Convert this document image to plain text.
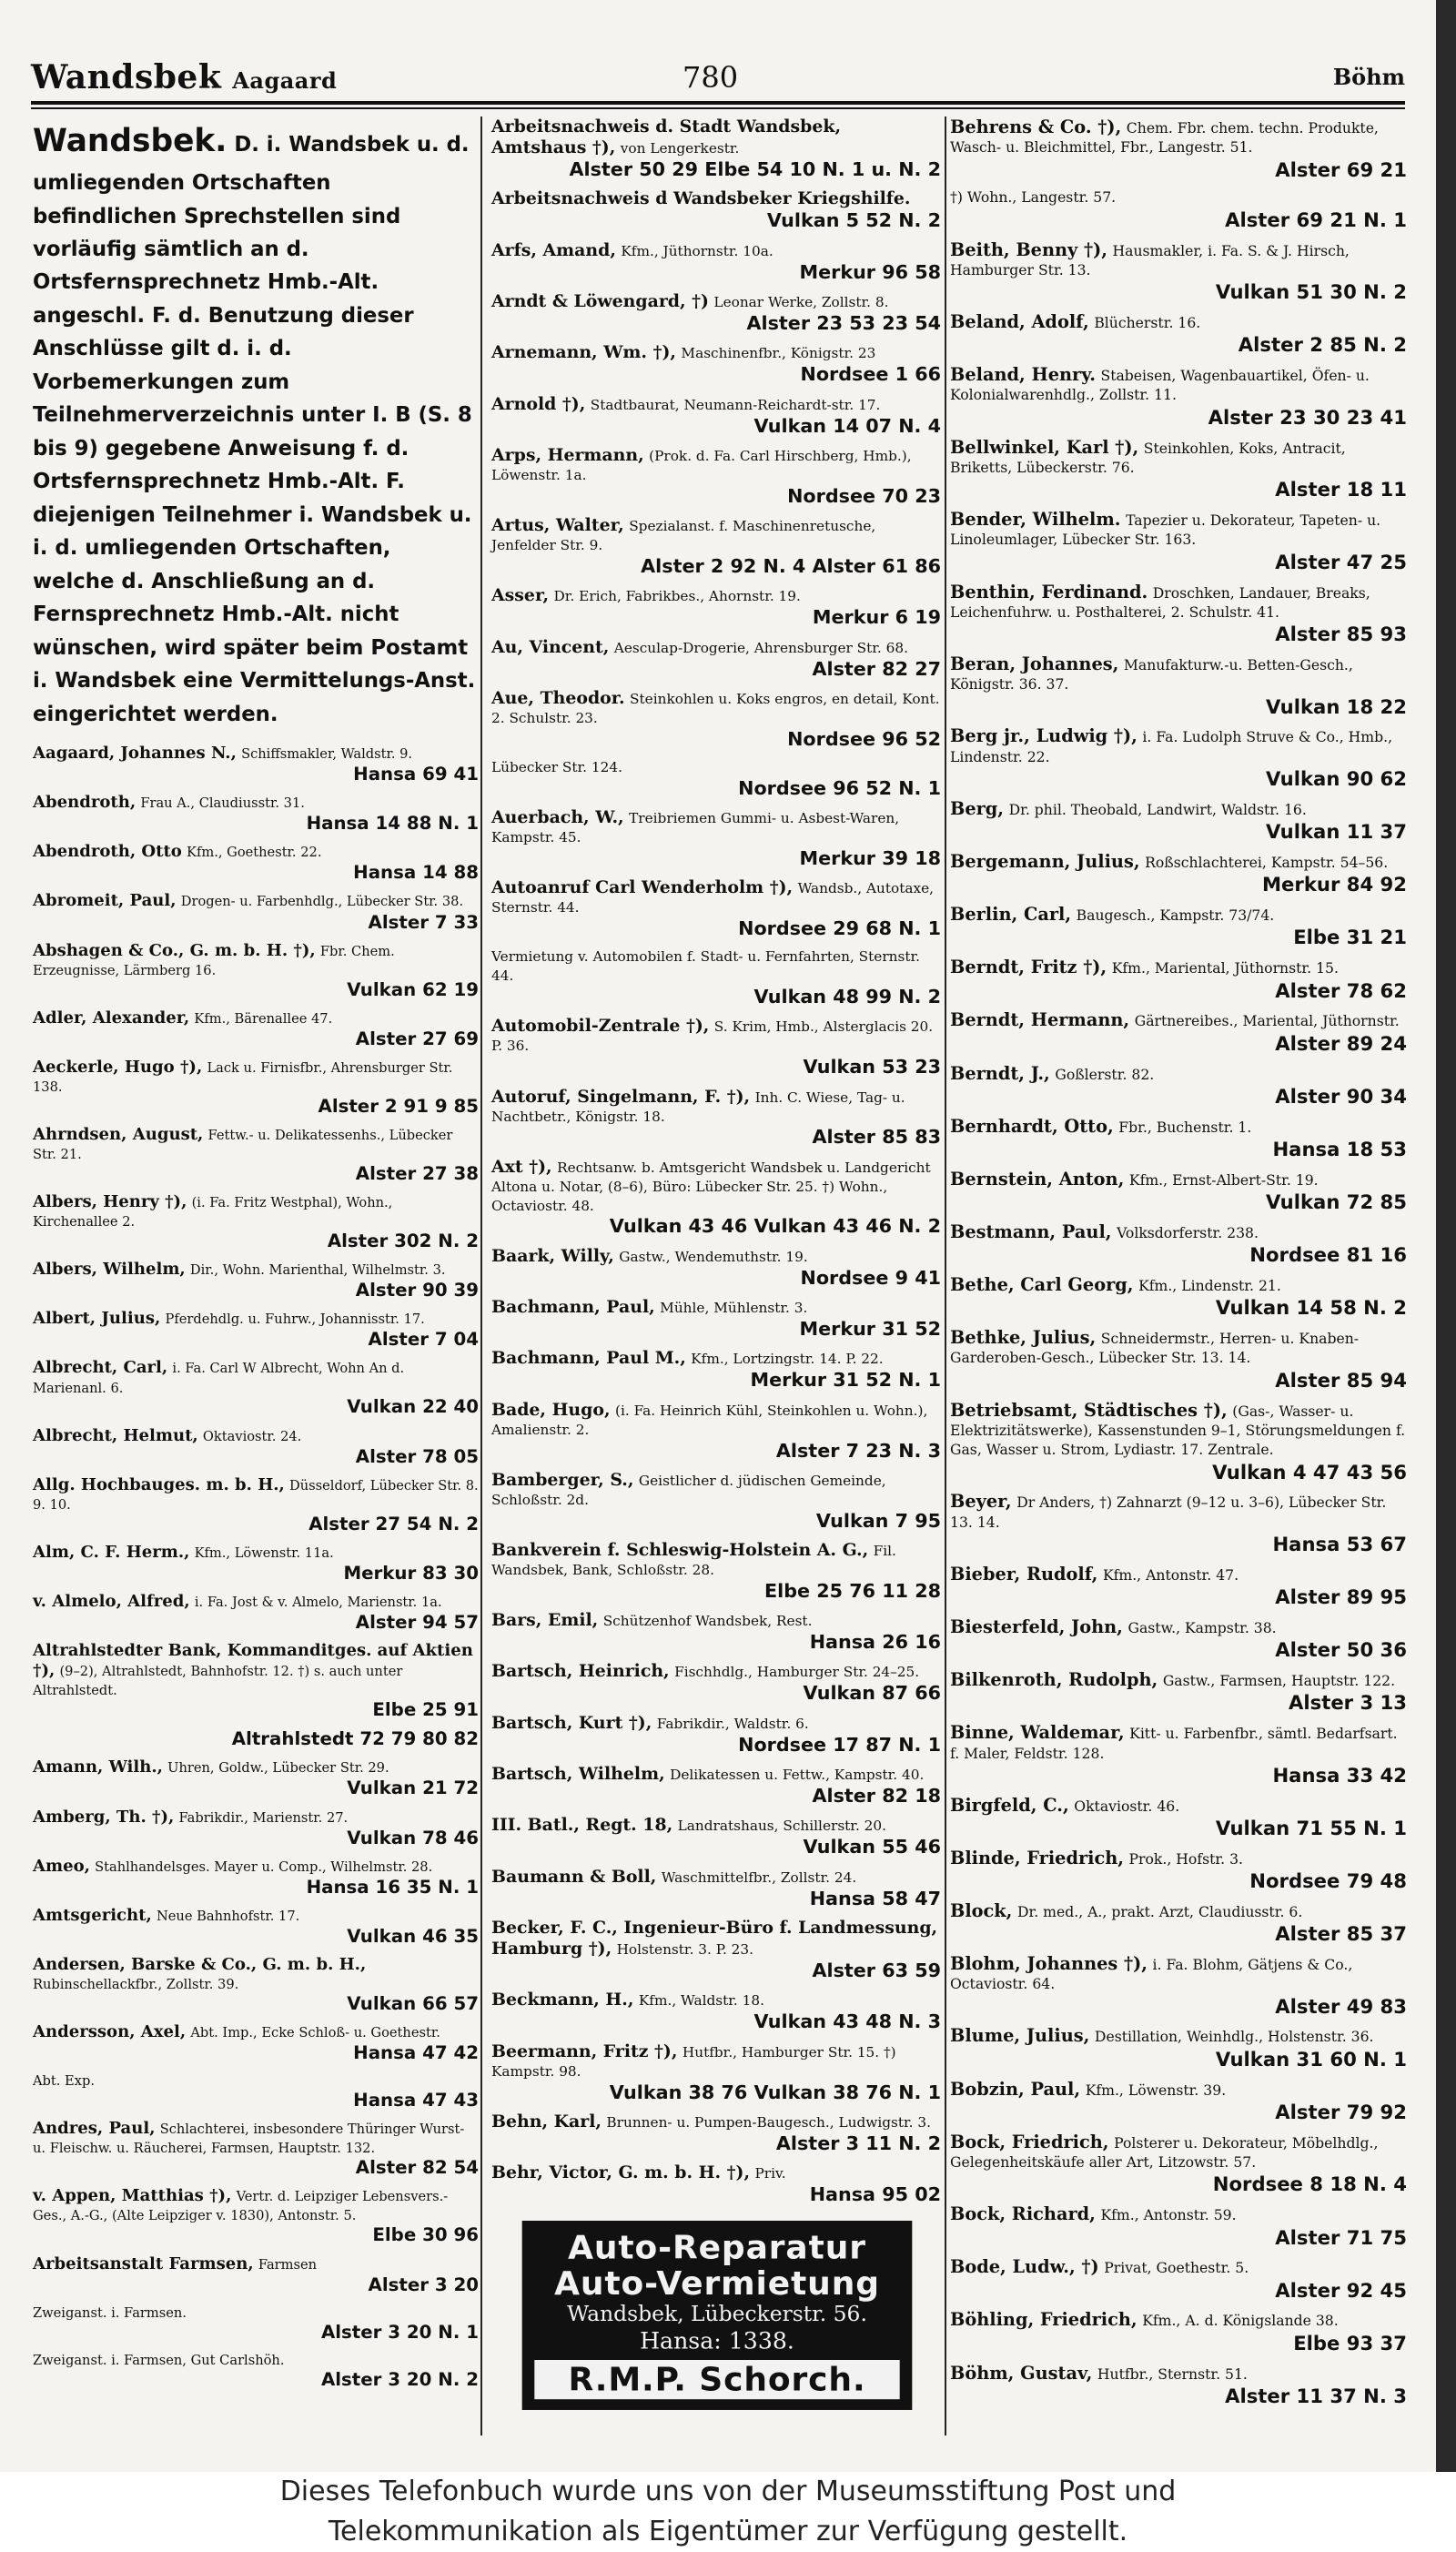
Wandsbek Aagaard	780	Böhm
Wandsbek. D. i. Wandsbek u. d. umliegenden Ortschaften befindlichen Sprechstellen sind vorläufig sämtlich an d. Ortsfernsprechnetz Hmb.-Alt. angeschl. F. d. Benutzung dieser Anschlüsse gilt d. i. d. Vorbemerkungen zum Teilnehmerverzeichnis unter I. B (S. 8 bis 9) gegebene Anweisung f. d. Ortsfernsprechnetz Hmb.-Alt. F. diejenigen Teilnehmer i. Wandsbek u. i. d. umliegenden Ortschaften, welche d. Anschließung an d. Fernsprechnetz Hmb.-Alt. nicht wünschen, wird später beim Postamt i. Wandsbek eine Vermittelungs-Anst. eingerichtet werden.
Aagaard, Johannes N., Schiffsmakler, Waldstr. 9.
Hansa 69 41
Abendroth, Frau A., Claudiusstr. 31.
Hansa 14 88 N. 1
Abendroth, Otto Kfm., Goethestr. 22.
Hansa 14 88
Abromeit, Paul, Drogen- u. Farbenhdlg., Lübecker Str. 38.
Alster 7 33
Abshagen & Co., G. m. b. H. †), Fbr. Chem. Erzeugnisse, Lärmberg 16.
Vulkan 62 19
Adler, Alexander, Kfm., Bärenallee 47.
Alster 27 69
Aeckerle, Hugo †), Lack u. Firnisfbr., Ahrensburger Str. 138.
Alster 2 91 9 85
Ahrndsen, August, Fettw.- u. Delikatessenhs., Lübecker Str. 21.
Alster 27 38
Albers, Henry †), (i. Fa. Fritz Westphal), Wohn., Kirchenallee 2.
Alster 302 N. 2
Albers, Wilhelm, Dir., Wohn. Marienthal, Wilhelmstr. 3.
Alster 90 39
Albert, Julius, Pferdehdlg. u. Fuhrw., Johannisstr. 17.
Alster 7 04
Albrecht, Carl, i. Fa. Carl W Albrecht, Wohn An d. Marienanl. 6.
Vulkan 22 40
Albrecht, Helmut, Oktaviostr. 24.
Alster 78 05
Allg. Hochbauges. m. b. H., Düsseldorf, Lübecker Str. 8. 9. 10.
Alster 27 54 N. 2
Alm, C. F. Herm., Kfm., Löwenstr. 11a.
Merkur 83 30
v. Almelo, Alfred, i. Fa. Jost & v. Almelo, Marienstr. 1a.
Alster 94 57
Altrahlstedter Bank, Kommanditges. auf Aktien †), (9–2), Altrahlstedt, Bahnhofstr. 12. †) s. auch unter Altrahlstedt.
Elbe 25 91
Altrahlstedt 72 79 80 82
Amann, Wilh., Uhren, Goldw., Lübecker Str. 29.
Vulkan 21 72
Amberg, Th. †), Fabrikdir., Marienstr. 27.
Vulkan 78 46
Ameo, Stahlhandelsges. Mayer u. Comp., Wilhelmstr. 28.
Hansa 16 35 N. 1
Amtsgericht, Neue Bahnhofstr. 17.
Vulkan 46 35
Andersen, Barske & Co., G. m. b. H., Rubinschellackfbr., Zollstr. 39.
Vulkan 66 57
Andersson, Axel, Abt. Imp., Ecke Schloß- u. Goethestr.
Hansa 47 42
Abt. Exp.
Hansa 47 43
Andres, Paul, Schlachterei, insbesondere Thüringer Wurst- u. Fleischw. u. Räucherei, Farmsen, Hauptstr. 132.
Alster 82 54
v. Appen, Matthias †), Vertr. d. Leipziger Lebensvers.-Ges., A.-G., (Alte Leipziger v. 1830), Antonstr. 5.
Elbe 30 96
Arbeitsanstalt Farmsen, Farmsen
Alster 3 20
Zweiganst. i. Farmsen.
Alster 3 20 N. 1
Zweiganst. i. Farmsen, Gut Carlshöh.
Alster 3 20 N. 2
Arbeitsnachweis d. Stadt Wandsbek, Amtshaus †), von Lengerkestr.
Alster 50 29 Elbe 54 10 N. 1 u. N. 2
Arbeitsnachweis d Wandsbeker Kriegshilfe.
Vulkan 5 52 N. 2
Arfs, Amand, Kfm., Jüthornstr. 10a.
Merkur 96 58
Arndt & Löwengard, †) Leonar Werke, Zollstr. 8.
Alster 23 53 23 54
Arnemann, Wm. †), Maschinenfbr., Königstr. 23
Nordsee 1 66
Arnold †), Stadtbaurat, Neumann-Reichardt-str. 17.
Vulkan 14 07 N. 4
Arps, Hermann, (Prok. d. Fa. Carl Hirschberg, Hmb.), Löwenstr. 1a.
Nordsee 70 23
Artus, Walter, Spezialanst. f. Maschinenretusche, Jenfelder Str. 9.
Alster 2 92 N. 4 Alster 61 86
Asser, Dr. Erich, Fabrikbes., Ahornstr. 19.
Merkur 6 19
Au, Vincent, Aesculap-Drogerie, Ahrensburger Str. 68.
Alster 82 27
Aue, Theodor. Steinkohlen u. Koks engros, en detail, Kont. 2. Schulstr. 23.
Nordsee 96 52
Lübecker Str. 124.
Nordsee 96 52 N. 1
Auerbach, W., Treibriemen Gummi- u. Asbest-Waren, Kampstr. 45.
Merkur 39 18
Autoanruf Carl Wenderholm †), Wandsb., Autotaxe, Sternstr. 44.
Nordsee 29 68 N. 1
Vermietung v. Automobilen f. Stadt- u. Fernfahrten, Sternstr. 44.
Vulkan 48 99 N. 2
Automobil-Zentrale †), S. Krim, Hmb., Alsterglacis 20. P. 36.
Vulkan 53 23
Autoruf, Singelmann, F. †), Inh. C. Wiese, Tag- u. Nachtbetr., Königstr. 18.
Alster 85 83
Axt †), Rechtsanw. b. Amtsgericht Wandsbek u. Landgericht Altona u. Notar, (8–6), Büro: Lübecker Str. 25. †) Wohn., Octaviostr. 48.
Vulkan 43 46 Vulkan 43 46 N. 2
Baark, Willy, Gastw., Wendemuthstr. 19.
Nordsee 9 41
Bachmann, Paul, Mühle, Mühlenstr. 3.
Merkur 31 52
Bachmann, Paul M., Kfm., Lortzingstr. 14. P. 22.
Merkur 31 52 N. 1
Bade, Hugo, (i. Fa. Heinrich Kühl, Steinkohlen u. Wohn.), Amalienstr. 2.
Alster 7 23 N. 3
Bamberger, S., Geistlicher d. jüdischen Gemeinde, Schloßstr. 2d.
Vulkan 7 95
Bankverein f. Schleswig-Holstein A. G., Fil. Wandsbek, Bank, Schloßstr. 28.
Elbe 25 76 11 28
Bars, Emil, Schützenhof Wandsbek, Rest.
Hansa 26 16
Bartsch, Heinrich, Fischhdlg., Hamburger Str. 24–25.
Vulkan 87 66
Bartsch, Kurt †), Fabrikdir., Waldstr. 6.
Nordsee 17 87 N. 1
Bartsch, Wilhelm, Delikatessen u. Fettw., Kampstr. 40.
Alster 82 18
III. Batl., Regt. 18, Landratshaus, Schillerstr. 20.
Vulkan 55 46
Baumann & Boll, Waschmittelfbr., Zollstr. 24.
Hansa 58 47
Becker, F. C., Ingenieur-Büro f. Landmessung, Hamburg †), Holstenstr. 3. P. 23.
Alster 63 59
Beckmann, H., Kfm., Waldstr. 18.
Vulkan 43 48 N. 3
Beermann, Fritz †), Hutfbr., Hamburger Str. 15. †) Kampstr. 98.
Vulkan 38 76 Vulkan 38 76 N. 1
Behn, Karl, Brunnen- u. Pumpen-Baugesch., Ludwigstr. 3.
Alster 3 11 N. 2
Behr, Victor, G. m. b. H. †), Priv.
Hansa 95 02
Auto-Reparatur
Auto-Vermietung
Wandsbek, Lübeckerstr. 56.
Hansa: 1338.
R.M.P. Schorch.
Behrens & Co. †), Chem. Fbr. chem. techn. Produkte, Wasch- u. Bleichmittel, Fbr., Langestr. 51.
Alster 69 21
†) Wohn., Langestr. 57.
Alster 69 21 N. 1
Beith, Benny †), Hausmakler, i. Fa. S. & J. Hirsch, Hamburger Str. 13.
Vulkan 51 30 N. 2
Beland, Adolf, Blücherstr. 16.
Alster 2 85 N. 2
Beland, Henry. Stabeisen, Wagenbauartikel, Öfen- u. Kolonialwarenhdlg., Zollstr. 11.
Alster 23 30 23 41
Bellwinkel, Karl †), Steinkohlen, Koks, Antracit, Briketts, Lübeckerstr. 76.
Alster 18 11
Bender, Wilhelm. Tapezier u. Dekorateur, Tapeten- u. Linoleumlager, Lübecker Str. 163.
Alster 47 25
Benthin, Ferdinand. Droschken, Landauer, Breaks, Leichenfuhrw. u. Posthalterei, 2. Schulstr. 41.
Alster 85 93
Beran, Johannes, Manufakturw.-u. Betten-Gesch., Königstr. 36. 37.
Vulkan 18 22
Berg jr., Ludwig †), i. Fa. Ludolph Struve & Co., Hmb., Lindenstr. 22.
Vulkan 90 62
Berg, Dr. phil. Theobald, Landwirt, Waldstr. 16.
Vulkan 11 37
Bergemann, Julius, Roßschlachterei, Kampstr. 54–56.
Merkur 84 92
Berlin, Carl, Baugesch., Kampstr. 73/74.
Elbe 31 21
Berndt, Fritz †), Kfm., Mariental, Jüthornstr. 15.
Alster 78 62
Berndt, Hermann, Gärtnereibes., Mariental, Jüthornstr.
Alster 89 24
Berndt, J., Goßlerstr. 82.
Alster 90 34
Bernhardt, Otto, Fbr., Buchenstr. 1.
Hansa 18 53
Bernstein, Anton, Kfm., Ernst-Albert-Str. 19.
Vulkan 72 85
Bestmann, Paul, Volksdorferstr. 238.
Nordsee 81 16
Bethe, Carl Georg, Kfm., Lindenstr. 21.
Vulkan 14 58 N. 2
Bethke, Julius, Schneidermstr., Herren- u. Knaben-Garderoben-Gesch., Lübecker Str. 13. 14.
Alster 85 94
Betriebsamt, Städtisches †), (Gas-, Wasser- u. Elektrizitätswerke), Kassenstunden 9–1, Störungsmeldungen f. Gas, Wasser u. Strom, Lydiastr. 17. Zentrale.
Vulkan 4 47 43 56
Beyer, Dr Anders, †) Zahnarzt (9–12 u. 3–6), Lübecker Str. 13. 14.
Hansa 53 67
Bieber, Rudolf, Kfm., Antonstr. 47.
Alster 89 95
Biesterfeld, John, Gastw., Kampstr. 38.
Alster 50 36
Bilkenroth, Rudolph, Gastw., Farmsen, Hauptstr. 122.
Alster 3 13
Binne, Waldemar, Kitt- u. Farbenfbr., sämtl. Bedarfsart. f. Maler, Feldstr. 128.
Hansa 33 42
Birgfeld, C., Oktaviostr. 46.
Vulkan 71 55 N. 1
Blinde, Friedrich, Prok., Hofstr. 3.
Nordsee 79 48
Block, Dr. med., A., prakt. Arzt, Claudiusstr. 6.
Alster 85 37
Blohm, Johannes †), i. Fa. Blohm, Gätjens & Co., Octaviostr. 64.
Alster 49 83
Blume, Julius, Destillation, Weinhdlg., Holstenstr. 36.
Vulkan 31 60 N. 1
Bobzin, Paul, Kfm., Löwenstr. 39.
Alster 79 92
Bock, Friedrich, Polsterer u. Dekorateur, Möbelhdlg., Gelegenheitskäufe aller Art, Litzowstr. 57.
Nordsee 8 18 N. 4
Bock, Richard, Kfm., Antonstr. 59.
Alster 71 75
Bode, Ludw., †) Privat, Goethestr. 5.
Alster 92 45
Böhling, Friedrich, Kfm., A. d. Königslande 38.
Elbe 93 37
Böhm, Gustav, Hutfbr., Sternstr. 51.
Alster 11 37 N. 3
Dieses Telefonbuch wurde uns von der Museumsstiftung Post und
Telekommunikation als Eigentümer zur Verfügung gestellt.
